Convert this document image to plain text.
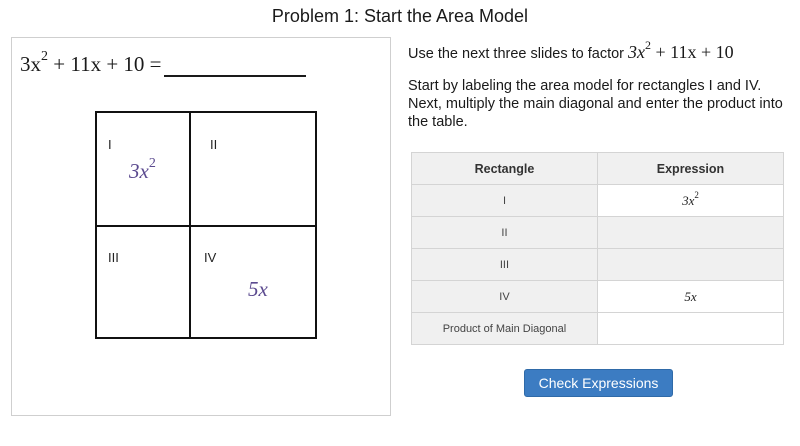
Problem 1: Start the Area Model
$3x^2 + 11x + 10$ =
I
$3x^2$
II
III	IV
5x

Use the next three slides to factor $3x^2 + 11x + 10$

Start by labeling the area model for rectangles I and IV. Next, multiply the main diagonal and enter the product into the table.

Rectangle	Expression
I	$3x^2$
II	
III	
IV	5x
Product of Main Diagonal	
Check Expressions
